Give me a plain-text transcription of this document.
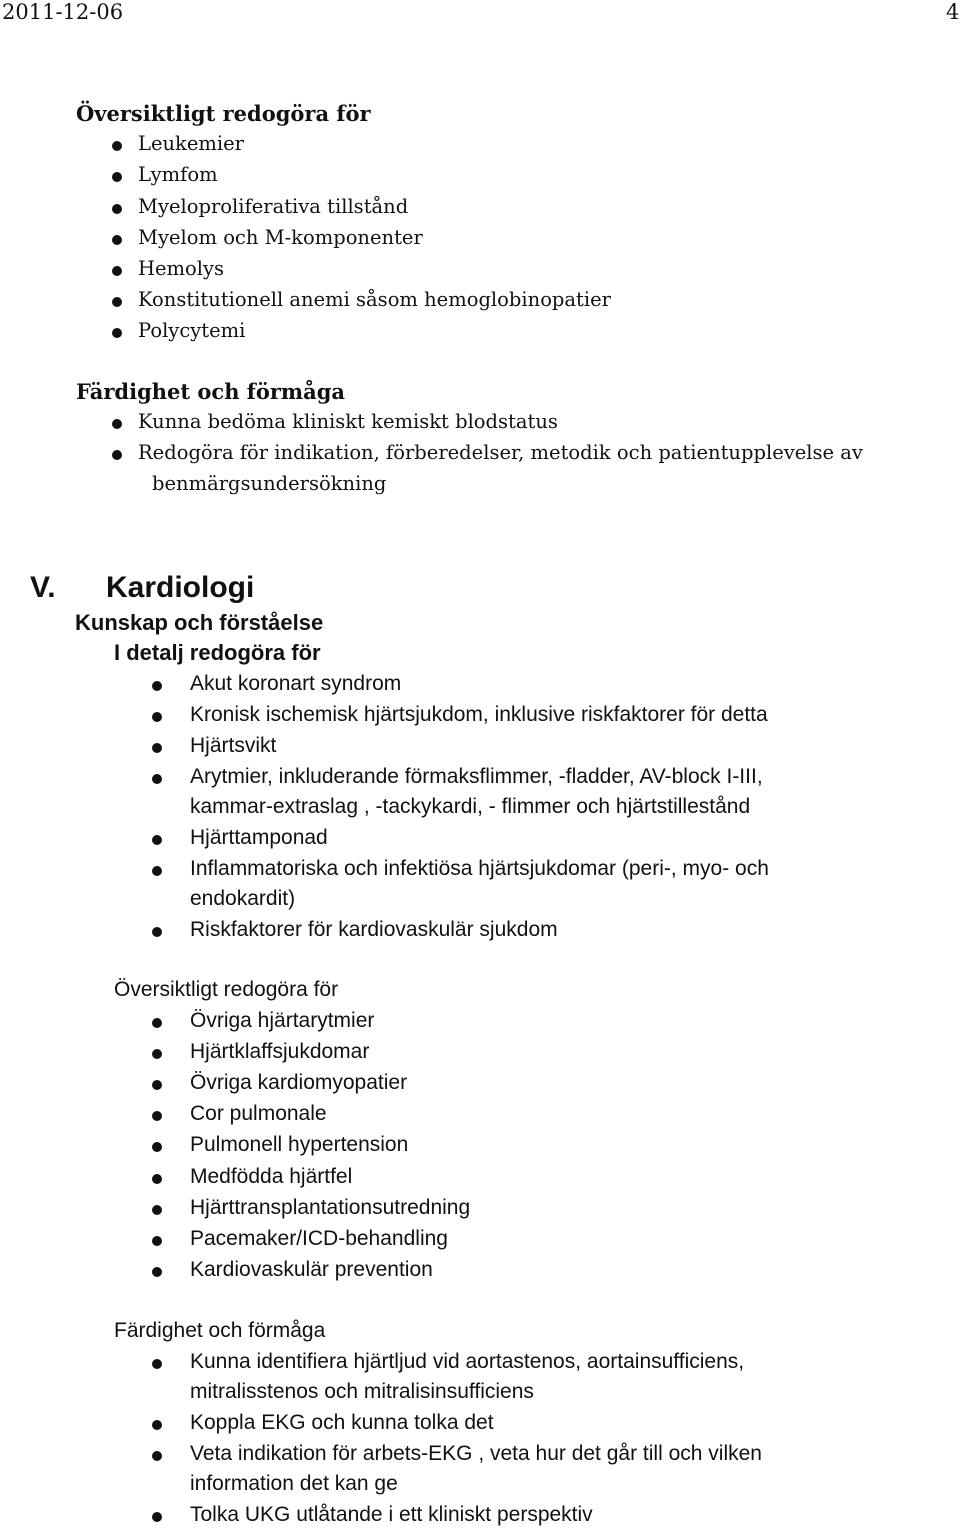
2011-12-06	4
Översiktligt redogöra för
Leukemier
Lymfom
Myeloproliferativa tillstånd
Myelom och M-komponenter
Hemolys
Konstitutionell anemi såsom hemoglobinopatier
Polycytemi
Färdighet och förmåga
Kunna bedöma kliniskt kemiskt blodstatus
Redogöra för indikation, förberedelser, metodik och patientupplevelse av
benmärgsundersökning
V. Kardiologi
Kunskap och förståelse
I detalj redogöra för
Akut koronart syndrom
Kronisk ischemisk hjärtsjukdom, inklusive riskfaktorer för detta
Hjärtsvikt
Arytmier, inkluderande förmaksflimmer, -fladder, AV-block I-III,
kammar-extraslag , -tackykardi, - flimmer och hjärtstillestånd
Hjärttamponad
Inflammatoriska och infektiösa hjärtsjukdomar (peri-, myo- och
endokardit)
Riskfaktorer för kardiovaskulär sjukdom
Översiktligt redogöra för
Övriga hjärtarytmier
Hjärtklaffsjukdomar
Övriga kardiomyopatier
Cor pulmonale
Pulmonell hypertension
Medfödda hjärtfel
Hjärttransplantationsutredning
Pacemaker/ICD-behandling
Kardiovaskulär prevention
Färdighet och förmåga
Kunna identifiera hjärtljud vid aortastenos, aortainsufficiens,
mitralisstenos och mitralisinsufficiens
Koppla EKG och kunna tolka det
Veta indikation för arbets-EKG , veta hur det går till och vilken
information det kan ge
Tolka UKG utlåtande i ett kliniskt perspektiv
